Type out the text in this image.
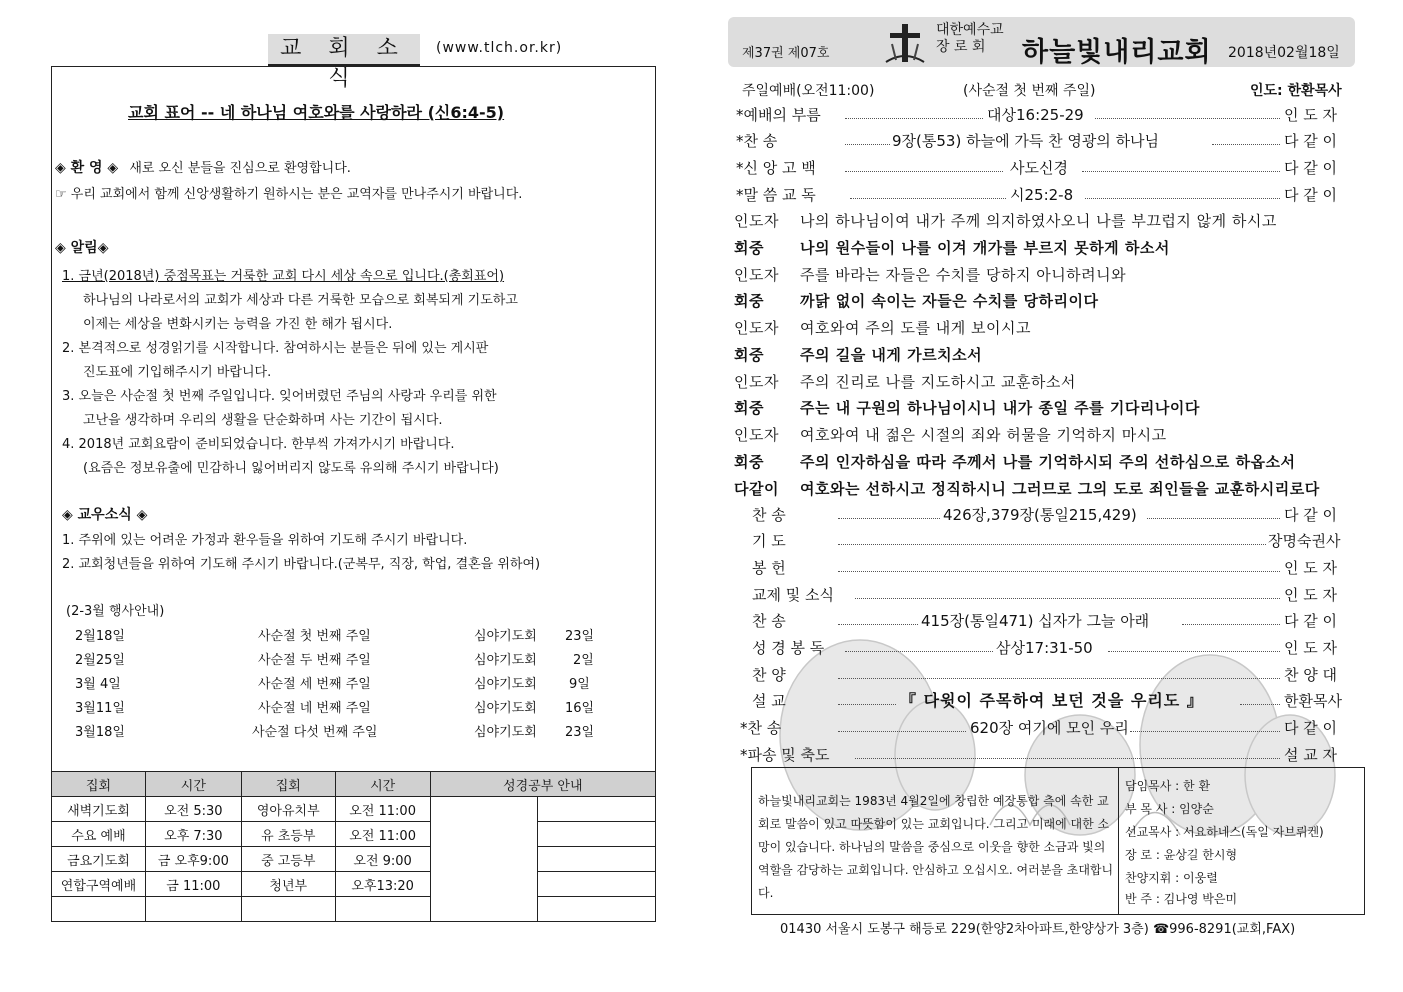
교 회 소 식
(www.tlch.or.kr)
교회 표어 -- 네 하나님 여호와를 사랑하라 (신6:4-5)
◈ 환 영 ◈ 새로 오신 분들을 진심으로 환영합니다.
☞ 우리 교회에서 함께 신앙생활하기 원하시는 분은 교역자를 만나주시기 바랍니다.
◈ 알림◈
1. 금년(2018년) 중점목표는 거룩한 교회 다시 세상 속으로 입니다.(총회표어)
하나님의 나라로서의 교회가 세상과 다른 거룩한 모습으로 회복되게 기도하고
이제는 세상을 변화시키는 능력을 가진 한 해가 됩시다.
2. 본격적으로 성경읽기를 시작합니다. 참여하시는 분들은 뒤에 있는 게시판
진도표에 기입해주시기 바랍니다.
3. 오늘은 사순절 첫 번째 주일입니다. 잊어버렸던 주님의 사랑과 우리를 위한
고난을 생각하며 우리의 생활을 단순화하며 사는 기간이 됩시다.
4. 2018년 교회요람이 준비되었습니다. 한부씩 가져가시기 바랍니다.
(요즘은 정보유출에 민감하니 잃어버리지 않도록 유의해 주시기 바랍니다)
◈ 교우소식 ◈
1. 주위에 있는 어려운 가정과 환우들을 위하여 기도해 주시기 바랍니다.
2. 교회청년들을 위하여 기도해 주시기 바랍니다.(군복무, 직장, 학업, 결혼을 위하여)
(2-3월 행사안내)
2월18일	사순절 첫 번째 주일	심야기도회 23일
2월25일	사순절 두 번째 주일	심야기도회	2일
3월 4일	사순절 세 번째 주일	심야기도회 9일
3월11일	사순절 네 번째 주일	심야기도회 16일
3월18일	사순절 다섯 번째 주일	심야기도회 23일
집회	시간	집회	시간	성경공부 안내	
새벽기도회	오전 5:30	영아유치부	오전 11:00		
수요 예배	오후 7:30	유 초등부	오전 11:00		
금요기도회	금 오후9:00	중 고등부	오전 9:00		
연합구역예배	금 11:00	청년부	오후13:20		

제37권 제07호
대한예수교
장 로 회	하늘빛내리교회 2018년02월18일
주일예배(오전11:00)	(사순절 첫 번째 주일)	인도: 한환목사
*예배의 부름	대상16:25-29	인 도 자
*찬 송	9장(통53) 하늘에 가득 찬 영광의 하나님	다 같 이
*신 앙 고 백	사도신경	다 같 이
*말 씀 교 독	시25:2-8	다 같 이
인도자 나의 하나님이여 내가 주께 의지하였사오니 나를 부끄럽지 않게 하시고
회중 나의 원수들이 나를 이겨 개가를 부르지 못하게 하소서
인도자 주를 바라는 자들은 수치를 당하지 아니하려니와
회중 까닭 없이 속이는 자들은 수치를 당하리이다
인도자 여호와여 주의 도를 내게 보이시고
회중 주의 길을 내게 가르치소서
인도자 주의 진리로 나를 지도하시고 교훈하소서
회중 주는 내 구원의 하나님이시니 내가 종일 주를 기다리나이다
인도자 여호와여 내 젊은 시절의 죄와 허물을 기억하지 마시고
회중 주의 인자하심을 따라 주께서 나를 기억하시되 주의 선하심으로 하옵소서
다같이 여호와는 선하시고 정직하시니 그러므로 그의 도로 죄인들을 교훈하시리로다
찬 송	426장,379장(통일215,429)	다 같 이
기 도	장명숙권사
봉 헌	인 도 자
교제 및 소식	인 도 자
찬 송	415장(통일471) 십자가 그늘 아래	다 같 이
성 경 봉 독	삼상17:31-50	인 도 자
찬 양	찬 양 대
설 교	『 다윗이 주목하여 보던 것을 우리도 』	한환목사
*찬 송	620장 여기에 모인 우리	다 같 이
*파송 및 축도	설 교 자
하늘빛내리교회는 1983년 4월2일에 창립한 예장통합 측에 속한 교회로 말씀이 있고 따뜻함이 있는 교회입니다. 그리고 미래에 대한 소망이 있습니다. 하나님의 말씀을 중심으로 이웃을 향한 소금과 빛의 역할을 감당하는 교회입니다. 안심하고 오십시오. 여러분을 초대합니다.
담임목사 : 한 환
부 목 사 : 임양순
선교목사 : 서요하네스(독일 자브뤼켄)
장 로 : 윤상길 한시형
찬양지휘 : 이웅렬
반 주 : 김나영 박은미
01430 서울시 도봉구 해등로 229(한양2차아파트,한양상가 3층) ☎996-8291(교회,FAX)
